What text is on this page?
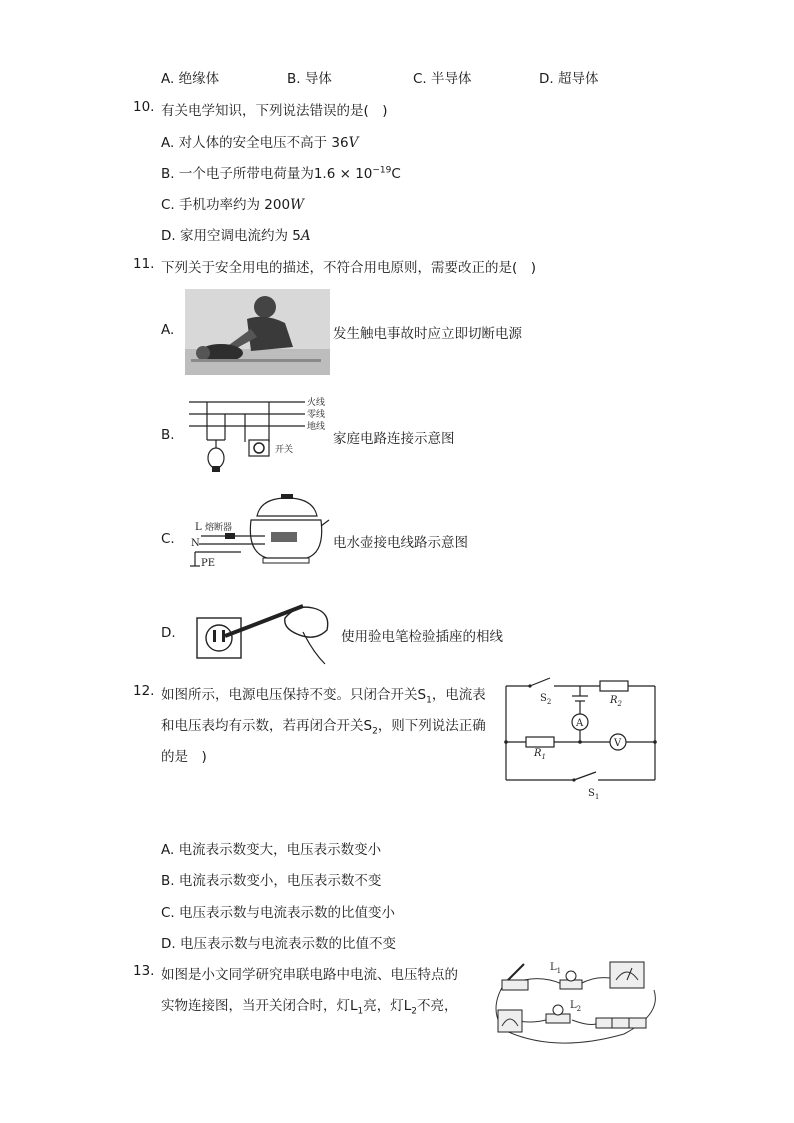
A. 绝缘体	B. 导体	C. 半导体	D. 超导体
10. 有关电学知识，下列说法错误的是(　)
A. 对人体的安全电压不高于 36V
B. 一个电子所带电荷量为$1.6 \times 10^{-19}C$
C. 手机功率约为 200W
D. 家用空调电流约为 5A
11. 下列关于安全用电的描述，不符合用电原则，需要改正的是(　)
A.	发生触电事故时应立即切断电源
B.
火线
零线
地线
开关
家庭电路连接示意图
C.
L 熔断器
N
PE
电水壶接电线路示意图
D.	使用验电笔检验插座的相线
12. 如图所示，电源电压保持不变。只闭合开关$S_1$，电流表
和电压表均有示数，若再闭合开关$S_2$，则下列说法正确
的是　)
$S_2$	$R_2$
A
$R_1$
V
$S_1$
A. 电流表示数变大，电压表示数变小
B. 电流表示数变小，电压表示数不变
C. 电压表示数与电流表示数的比值变小
D. 电压表示数与电流表示数的比值不变
13. 如图是小文同学研究串联电路中电流、电压特点的
实物连接图，当开关闭合时，灯$L_1$亮，灯$L_2$不亮，
$L_1$
$L_2$
